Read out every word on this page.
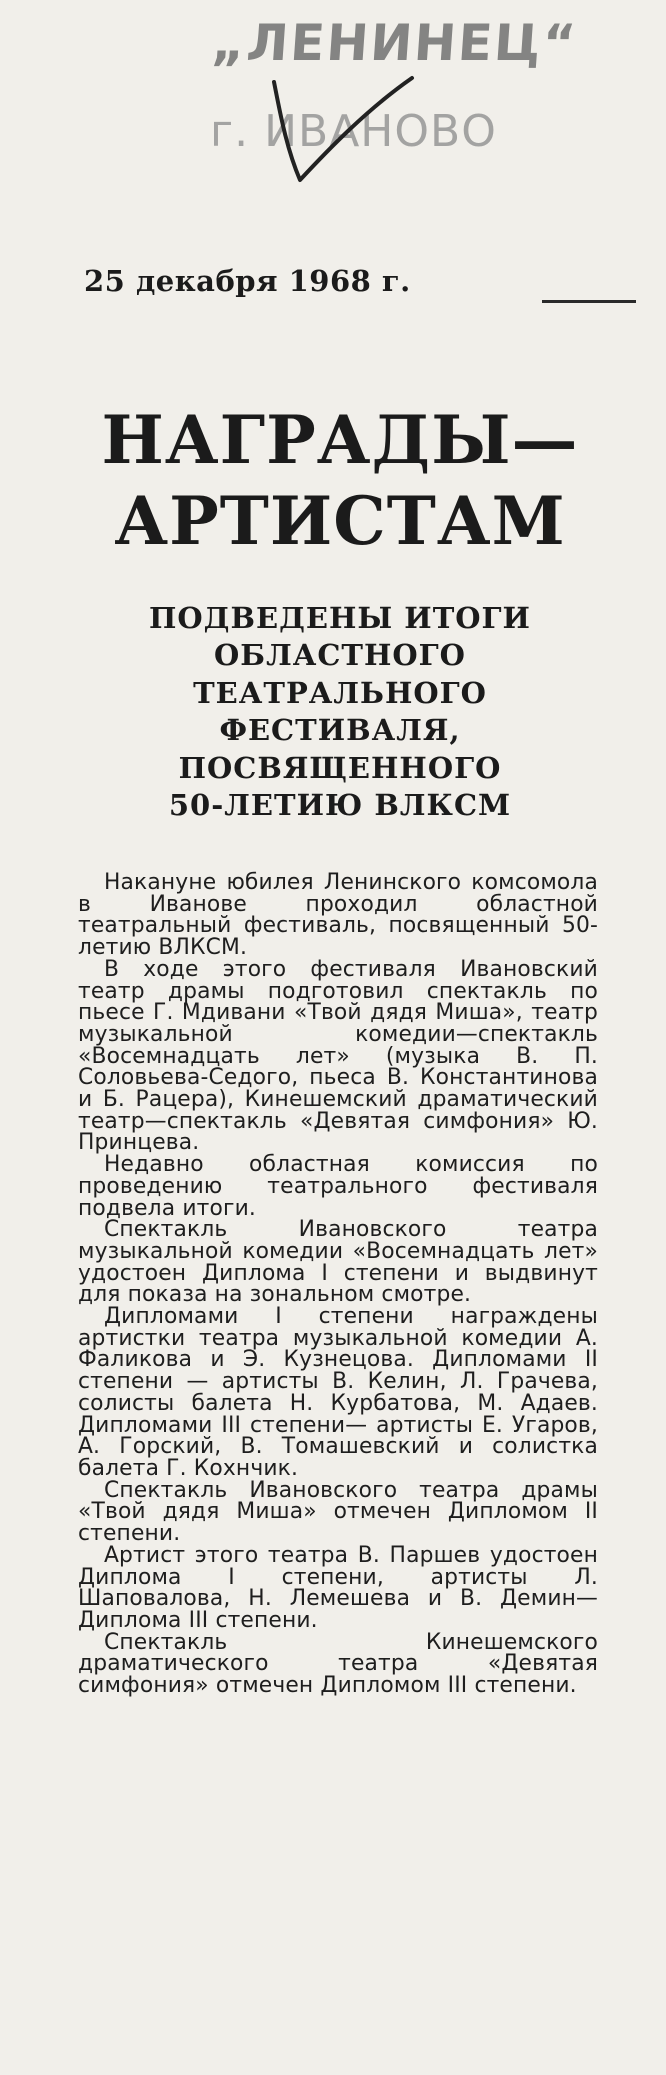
„ЛЕНИНЕЦ“
г. ИВАНОВО
25 декабря 1968 г.
НАГРАДЫ—
АРТИСТАМ
ПОДВЕДЕНЫ ИТОГИ
ОБЛАСТНОГО
ТЕАТРАЛЬНОГО
ФЕСТИВАЛЯ,
ПОСВЯЩЕННОГО
50-ЛЕТИЮ ВЛКСМ

Накануне юбилея Ленинского комсомола в Иванове проходил областной театральный фестиваль, посвященный 50-летию ВЛКСМ.

В ходе этого фестиваля Ивановский театр драмы подготовил спектакль по пьесе Г. Мдивани «Твой дядя Миша», театр музыкальной комедии—спектакль «Восемнадцать лет» (музыка В. П. Соловьева-Седого, пьеса В. Константинова и Б. Рацера), Кинешемский драматический театр—спектакль «Девятая симфония» Ю. Принцева.

Недавно областная комиссия по проведению театрального фестиваля подвела итоги.

Спектакль Ивановского театра музыкальной комедии «Восемнадцать лет» удостоен Диплома I степени и выдвинут для показа на зональном смотре.

Дипломами I степени награждены артистки театра музыкальной комедии А. Фаликова и Э. Кузнецова. Дипломами II степени — артисты В. Келин, Л. Грачева, солисты балета Н. Курбатова, М. Адаев. Дипломами III степени— артисты Е. Угаров, А. Горский, В. Томашевский и солистка балета Г. Кохнчик.

Спектакль Ивановского театра драмы «Твой дядя Миша» отмечен Дипломом II степени.

Артист этого театра В. Паршев удостоен Диплома I степени, артисты Л. Шаповалова, Н. Лемешева и В. Демин—Диплома III степени.

Спектакль Кинешемского драматического театра «Девятая симфония» отмечен Дипломом III степени.
